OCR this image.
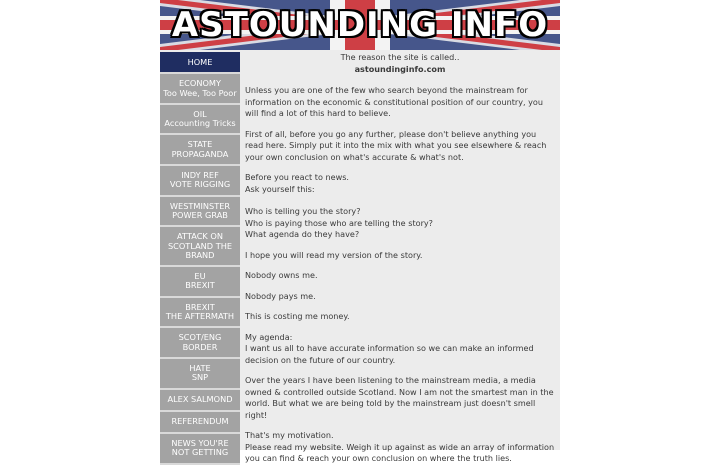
ASTOUNDING INFO
HOME
ECONOMY
Too Wee, Too Poor
OIL
Accounting Tricks
STATE
PROPAGANDA
INDY REF
VOTE RIGGING
WESTMINSTER
POWER GRAB
ATTACK ON
SCOTLAND THE
BRAND
EU
BREXIT
BREXIT
THE AFTERMATH
SCOT/ENG
BORDER
HATE
SNP
ALEX SALMOND
REFERENDUM
NEWS YOU'RE
NOT GETTING

The reason the site is called..

astoundinginfo.com

Unless you are one of the few who search beyond the mainstream for information on the economic & constitutional position of our country, you will find a lot of this hard to believe.

First of all, before you go any further, please don't believe anything you read here. Simply put it into the mix with what you see elsewhere & reach your own conclusion on what's accurate & what's not.

Before you react to news.

Ask yourself this:

Who is telling you the story?

Who is paying those who are telling the story?

What agenda do they have?

I hope you will read my version of the story.

Nobody owns me.

Nobody pays me.

This is costing me money.

My agenda:

I want us all to have accurate information so we can make an informed decision on the future of our country.

Over the years I have been listening to the mainstream media, a media owned & controlled outside Scotland. Now I am not the smartest man in the world. But what we are being told by the mainstream just doesn't smell right!

That's my motivation.

Please read my website. Weigh it up against as wide an array of information you can find & reach your own conclusion on where the truth lies.
